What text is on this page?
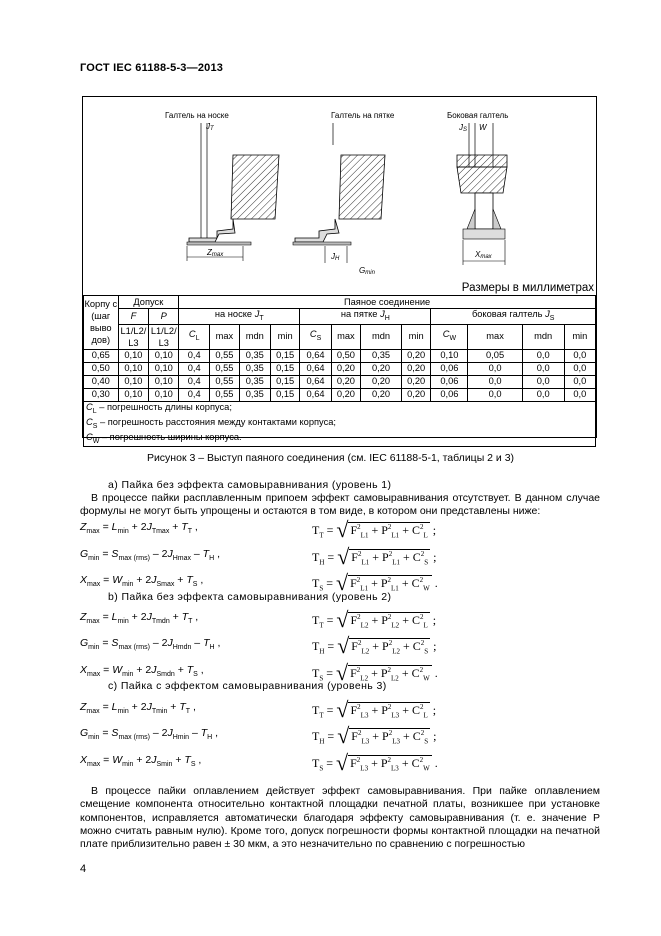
ГОСТ IEC 61188-5-3—2013
Галтель на носке
JT
Zmax
Галтель на пятке
JH
Gmin
Боковая галтель
JS W
Xmax
Размеры в миллиметрах
Корпу с (шаг выво дов)	Допуск		Паяное соединение											
	F	P	на носке $J_T$				на пятке $J_H$				боковая галтель $J_S$
	L1/L2/ L3	L1/L2/ L3	$C_L$	max	mdn	min	$C_S$	max	mdn	min	$C_W$	max	mdn	min
0,65	0,10	0,10	0,4	0,55	0,35	0,15	0,64	0,50	0,35	0,20	0,10	0,05	0,0	0,0
0,50	0,10	0,10	0,4	0,55	0,35	0,15	0,64	0,20	0,20	0,20	0,06	0,0	0,0	0,0
0,40	0,10	0,10	0,4	0,55	0,35	0,15	0,64	0,20	0,20	0,20	0,06	0,0	0,0	0,0
0,30	0,10	0,10	0,4	0,55	0,35	0,15	0,64	0,20	0,20	0,20	0,06	0,0	0,0	0,0
$C_L$ – погрешность длины корпуса;														
$C_S$ – погрешность расстояния между контактами корпуса;														
$C_W$ – погрешность ширины корпуса.														
Рисунок 3 – Выступ паяного соединения (см. IEC 61188-5-1, таблицы 2 и 3)
a) Пайка без эффекта самовыравнивания (уровень 1)
В процессе пайки расплавленным припоем эффект самовыравнивания отсутствует. В данном случае формулы не могут быть упрощены и остаются в том виде, в котором они представлены ниже:
$Z_{max} = L_{min} + 2J_{Tmax} + T_T$ ,	$T_T$ = √ $F^2_{L1} + P^2_{L1} + C^2_L$ ;
$G_{min} = S_{max (rms)} - 2J_{Hmax} - T_H$ ,	$T_H$ = √ $F^2_{L1} + P^2_{L1} + C^2_S$ ;
$X_{max} = W_{min} + 2J_{Smax} + T_S$ ,	$T_S$ = √ $F^2_{L1} + P^2_{L1} + C^2_W$ .
b) Пайка без эффекта самовыравнивания (уровень 2)
$Z_{max} = L_{min} + 2J_{Tmdn} + T_T$ ,	$T_T$ = √ $F^2_{L2} + P^2_{L2} + C^2_L$ ;
$G_{min} = S_{max (rms)} - 2J_{Hmdn} - T_H$ ,	$T_H$ = √ $F^2_{L2} + P^2_{L2} + C^2_S$ ;
$X_{max} = W_{min} + 2J_{Smdn} + T_S$ ,	$T_S$ = √ $F^2_{L2} + P^2_{L2} + C^2_W$ .
c) Пайка с эффектом самовыравнивания (уровень 3)
$Z_{max} = L_{min} + 2J_{Tmin} + T_T$ ,	$T_T$ = √ $F^2_{L3} + P^2_{L3} + C^2_L$ ;
$G_{min} = S_{max (rms)} - 2J_{Hmin} - T_H$ ,	$T_H$ = √ $F^2_{L3} + P^2_{L3} + C^2_S$ ;
$X_{max} = W_{min} + 2J_{Smin} + T_S$ ,	$T_S$ = √ $F^2_{L3} + P^2_{L3} + C^2_W$ .
В процессе пайки оплавлением действует эффект самовыравнивания. При пайке оплавлением смещение компонента относительно контактной площадки печатной платы, возникшее при установке компонентов, исправляется автоматически благодаря эффекту самовыравнивания (т. е. значение P можно считать равным нулю). Кроме того, допуск погрешности формы контактной площадки на печатной плате приблизительно равен ± 30 мкм, а это незначительно по сравнению с погрешностью
4
